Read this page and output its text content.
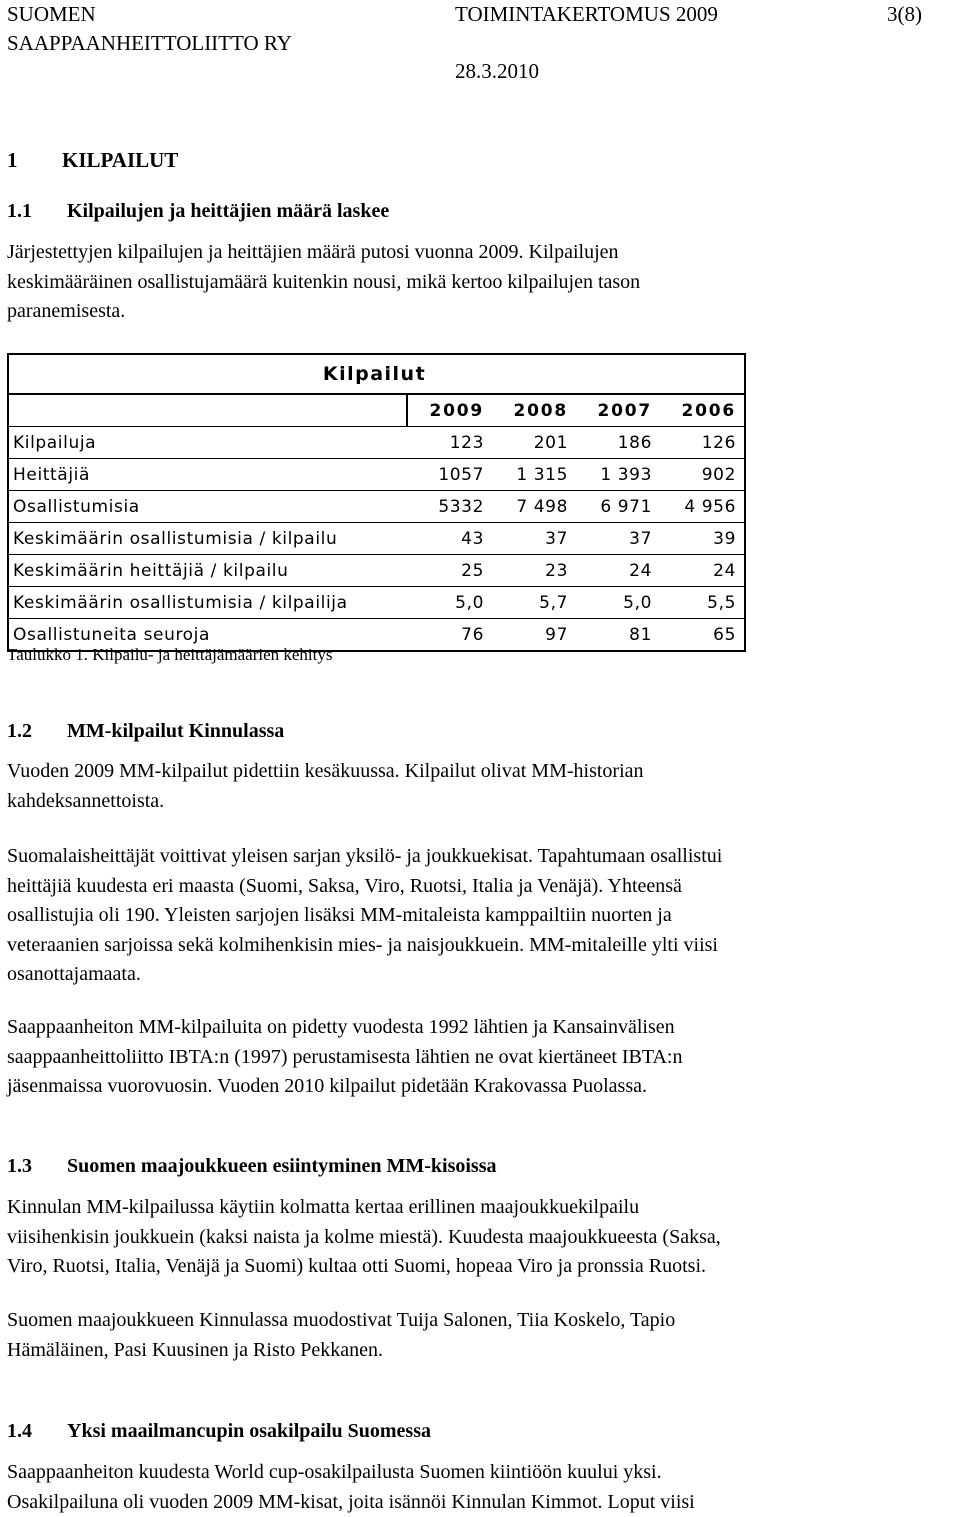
SUOMEN
SAAPPAANHEITTOLIITTO RY
TOIMINTAKERTOMUS 2009
28.3.2010
3(8)
1 KILPAILUT
1.1 Kilpailujen ja heittäjien määrä laskee
Järjestettyjen kilpailujen ja heittäjien määrä putosi vuonna 2009. Kilpailujen
keskimääräinen osallistujamäärä kuitenkin nousi, mikä kertoo kilpailujen tason
paranemisesta.
Kilpailut				
	2009	2008	2007	2006
Kilpailuja	123	201	186	126
Heittäjiä	1057	1 315	1 393	902
Osallistumisia	5332	7 498	6 971	4 956
Keskimäärin osallistumisia / kilpailu	43	37	37	39
Keskimäärin heittäjiä / kilpailu	25	23	24	24
Keskimäärin osallistumisia / kilpailija	5,0	5,7	5,0	5,5
Osallistuneita seuroja	76	97	81	65
Taulukko 1. Kilpailu- ja heittäjämäärien kehitys
1.2 MM-kilpailut Kinnulassa
Vuoden 2009 MM-kilpailut pidettiin kesäkuussa. Kilpailut olivat MM-historian
kahdeksannettoista.
Suomalaisheittäjät voittivat yleisen sarjan yksilö- ja joukkuekisat. Tapahtumaan osallistui
heittäjiä kuudesta eri maasta (Suomi, Saksa, Viro, Ruotsi, Italia ja Venäjä). Yhteensä
osallistujia oli 190. Yleisten sarjojen lisäksi MM-mitaleista kamppailtiin nuorten ja
veteraanien sarjoissa sekä kolmihenkisin mies- ja naisjoukkuein. MM-mitaleille ylti viisi
osanottajamaata.
Saappaanheiton MM-kilpailuita on pidetty vuodesta 1992 lähtien ja Kansainvälisen
saappaanheittoliitto IBTA:n (1997) perustamisesta lähtien ne ovat kiertäneet IBTA:n
jäsenmaissa vuorovuosin. Vuoden 2010 kilpailut pidetään Krakovassa Puolassa.
1.3 Suomen maajoukkueen esiintyminen MM-kisoissa
Kinnulan MM-kilpailussa käytiin kolmatta kertaa erillinen maajoukkuekilpailu
viisihenkisin joukkuein (kaksi naista ja kolme miestä). Kuudesta maajoukkueesta (Saksa,
Viro, Ruotsi, Italia, Venäjä ja Suomi) kultaa otti Suomi, hopeaa Viro ja pronssia Ruotsi.
Suomen maajoukkueen Kinnulassa muodostivat Tuija Salonen, Tiia Koskelo, Tapio
Hämäläinen, Pasi Kuusinen ja Risto Pekkanen.
1.4 Yksi maailmancupin osakilpailu Suomessa
Saappaanheiton kuudesta World cup-osakilpailusta Suomen kiintiöön kuului yksi.
Osakilpailuna oli vuoden 2009 MM-kisat, joita isännöi Kinnulan Kimmot. Loput viisi
